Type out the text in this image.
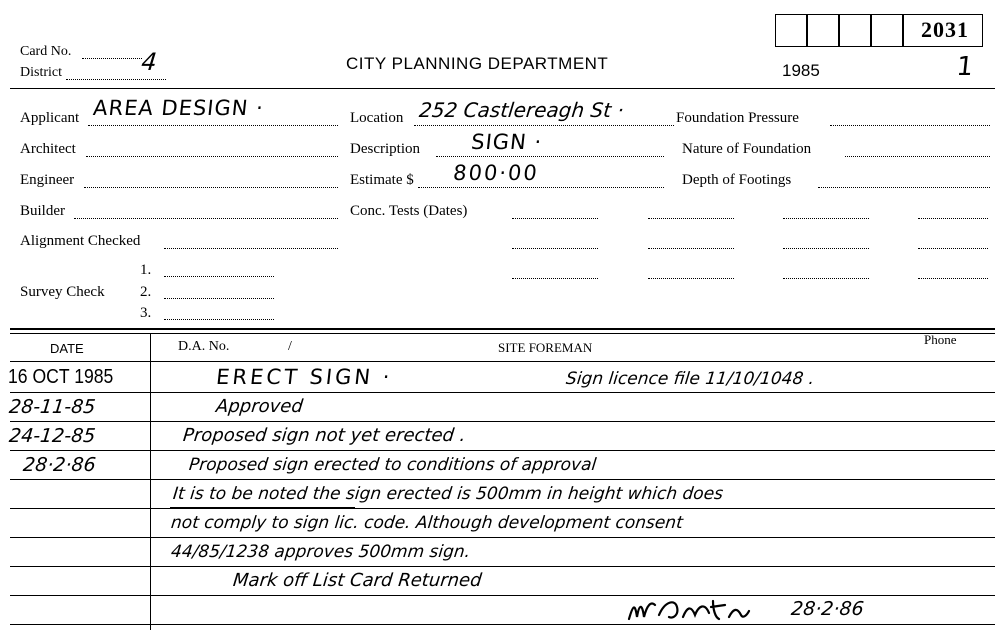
Card No.
District	4	CITY PLANNING DEPARTMENT
2031
1985	1
Applicant AREA DESIGN ·
Architect
Engineer
Builder
Alignment Checked
1.
Survey Check 2.
3.
Location 252 Castlereagh St ·
Description SIGN ·
Estimate $ 800·00
Conc. Tests (Dates)
Foundation Pressure
Nature of Foundation
Depth of Footings
DATE	D.A. No.	/	SITE FOREMAN
Phone
16 OCT 1985	ERECT SIGN ·	Sign licence file 11/10/1048 .
28-11-85	Approved
24-12-85	Proposed sign not yet erected .
28·2·86	Proposed sign erected to conditions of approval
It is to be noted the sign erected is 500mm in height which does
not comply to sign lic. code. Although development consent
44/85/1238 approves 500mm sign.
Mark off List Card Returned
28·2·86
